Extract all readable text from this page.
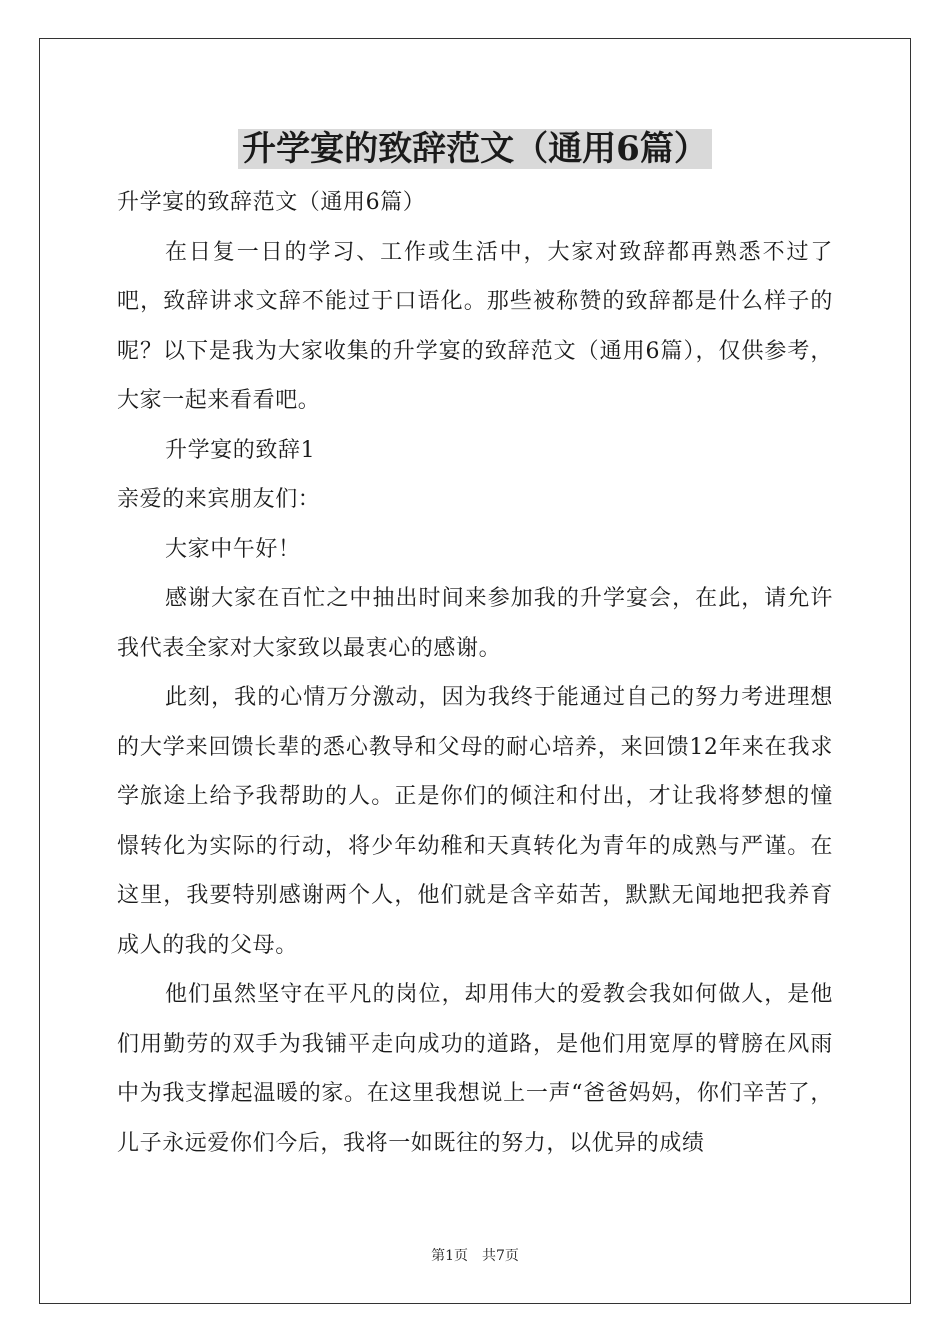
升学宴的致辞范文（通用6篇）

升学宴的致辞范文（通用6篇）

在日复一日的学习、工作或生活中，大家对致辞都再熟悉不过了吧，致辞讲求文辞不能过于口语化。那些被称赞的致辞都是什么样子的呢？以下是我为大家收集的升学宴的致辞范文（通用6篇），仅供参考，大家一起来看看吧。

升学宴的致辞1

亲爱的来宾朋友们：

大家中午好！

感谢大家在百忙之中抽出时间来参加我的升学宴会，在此，请允许我代表全家对大家致以最衷心的感谢。

此刻，我的心情万分激动，因为我终于能通过自己的努力考进理想的大学来回馈长辈的悉心教导和父母的耐心培养，来回馈12年来在我求学旅途上给予我帮助的人。正是你们的倾注和付出，才让我将梦想的憧憬转化为实际的行动，将少年幼稚和天真转化为青年的成熟与严谨。在这里，我要特别感谢两个人，他们就是含辛茹苦，默默无闻地把我养育成人的我的父母。

他们虽然坚守在平凡的岗位，却用伟大的爱教会我如何做人，是他们用勤劳的双手为我铺平走向成功的道路，是他们用宽厚的臂膀在风雨中为我支撑起温暖的家。在这里我想说上一声“爸爸妈妈，你们辛苦了，儿子永远爱你们今后，我将一如既往的努力，以优异的成绩

第1页　共7页
